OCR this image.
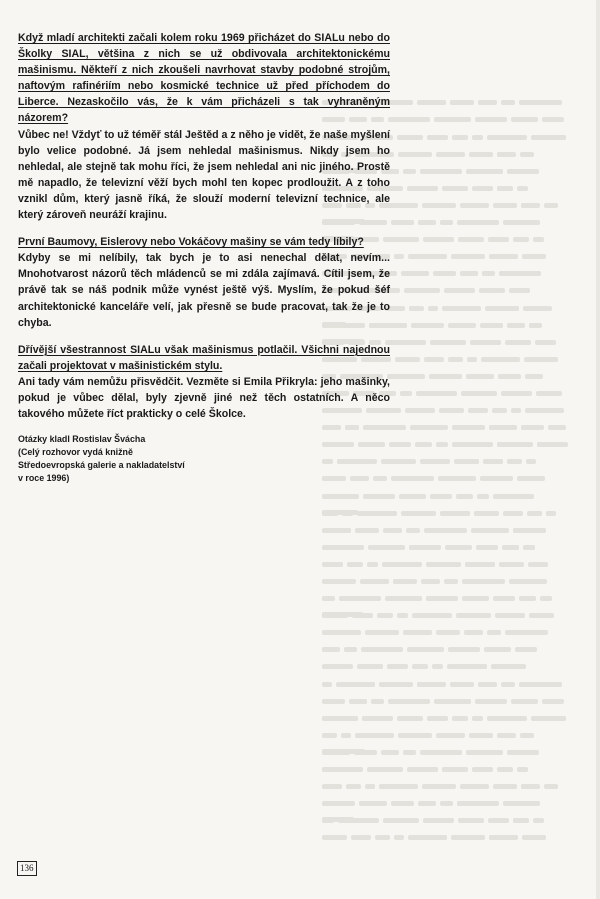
Když mladí architekti začali kolem roku 1969 přicházet do SIALu nebo do Školky SIAL, většina z nich se už obdivovala architektonickému mašinismu. Někteří z nich zkoušeli navrhovat stavby podobné strojům, naftovým rafinériím nebo kosmické technice už před příchodem do Liberce. Nezaskočilo vás, že k vám přicházeli s tak vyhraněným názorem?
Vůbec ne! Vždyť to už téměř stál Ještěd a z něho je vidět, že naše myšlení bylo velice podobné. Já jsem nehledal mašinismus. Nikdy jsem ho nehledal, ale stejně tak mohu říci, že jsem nehledal ani nic jiného. Prostě mě napadlo, že televizní věží bych mohl ten kopec prodloužit. A z toho vznikl dům, který jasně říká, že slouží moderní televizní technice, ale který zároveň neuráží krajinu.
První Baumovy, Eislerovy nebo Vokáčovy mašiny se vám tedy líbily?
Kdyby se mi nelíbily, tak bych je to asi nenechal dělat, nevím... Mnohotvarost názorů těch mládenců se mi zdála zajímavá. Cítil jsem, že právě tak se náš podnik může vynést ještě výš. Myslím, že pokud šéf architektonické kanceláře velí, jak přesně se bude pracovat, tak že je to chyba.
Dřívější všestrannost SIALu však mašinismus potlačil. Všichni najednou začali projektovat v mašinistickém stylu.
Ani tady vám nemůžu přisvědčit. Vezměte si Emila Přikryla: jeho mašinky, pokud je vůbec dělal, byly zjevně jiné než těch ostatních. A něco takového můžete říct prakticky o celé Školce.
Otázky kladl Rostislav Švácha
(Celý rozhovor vydá knižně
Středoevropská galerie a nakladatelství
v roce 1996)
136
